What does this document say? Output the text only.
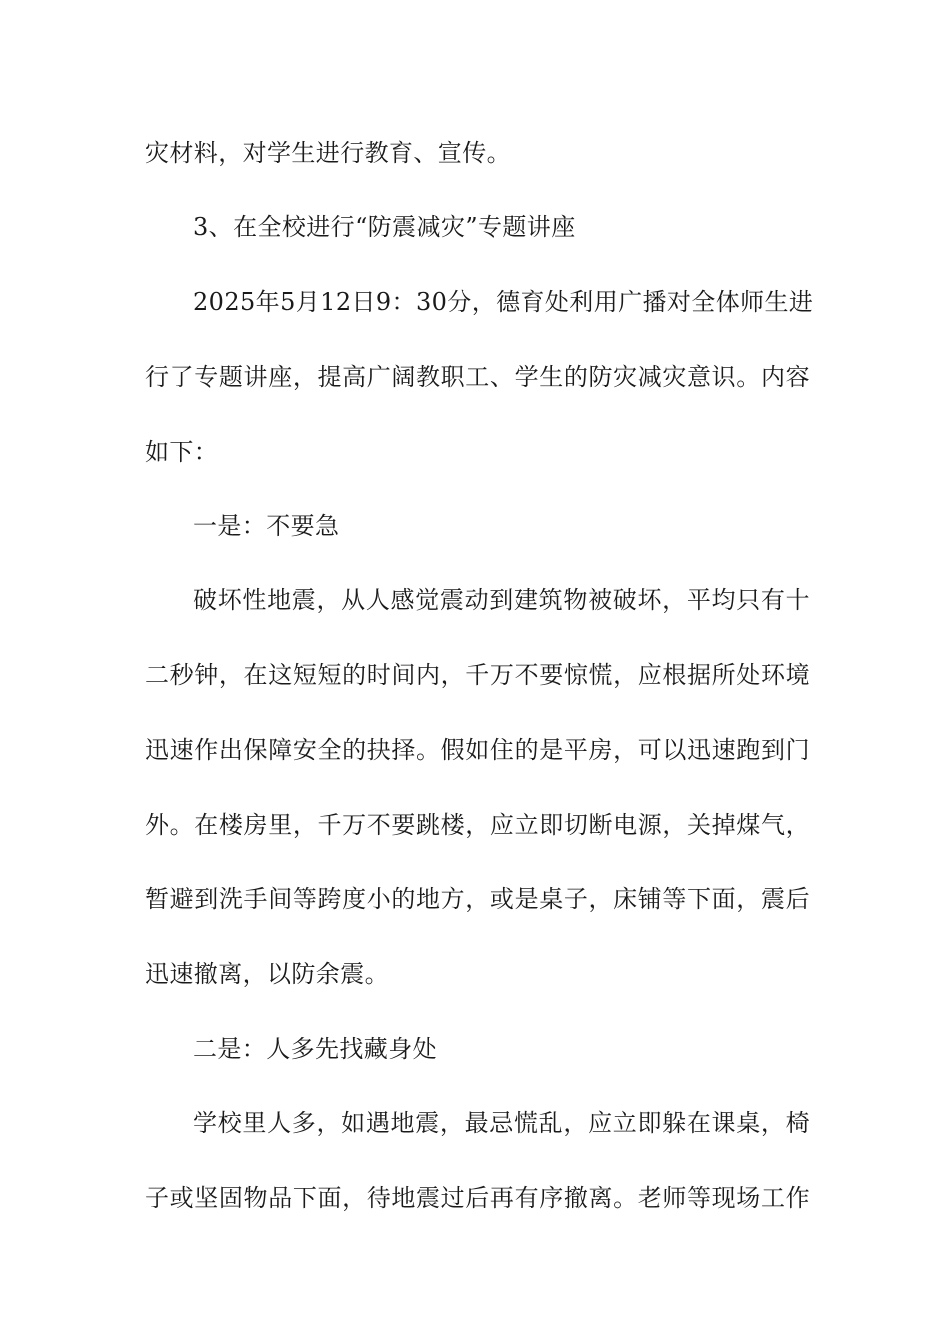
灾材料，对学生进行教育、宣传。
3、在全校进行“防震减灾”专题讲座
2025年5月12日9：30分，德育处利用广播对全体师生进
行了专题讲座，提高广阔教职工、学生的防灾减灾意识。内容
如下：
一是：不要急
破坏性地震，从人感觉震动到建筑物被破坏，平均只有十
二秒钟，在这短短的时间内，千万不要惊慌，应根据所处环境
迅速作出保障安全的抉择。假如住的是平房，可以迅速跑到门
外。在楼房里，千万不要跳楼，应立即切断电源，关掉煤气，
暂避到洗手间等跨度小的地方，或是桌子，床铺等下面，震后
迅速撤离，以防余震。
二是：人多先找藏身处
学校里人多，如遇地震，最忌慌乱，应立即躲在课桌，椅
子或坚固物品下面，待地震过后再有序撤离。老师等现场工作
